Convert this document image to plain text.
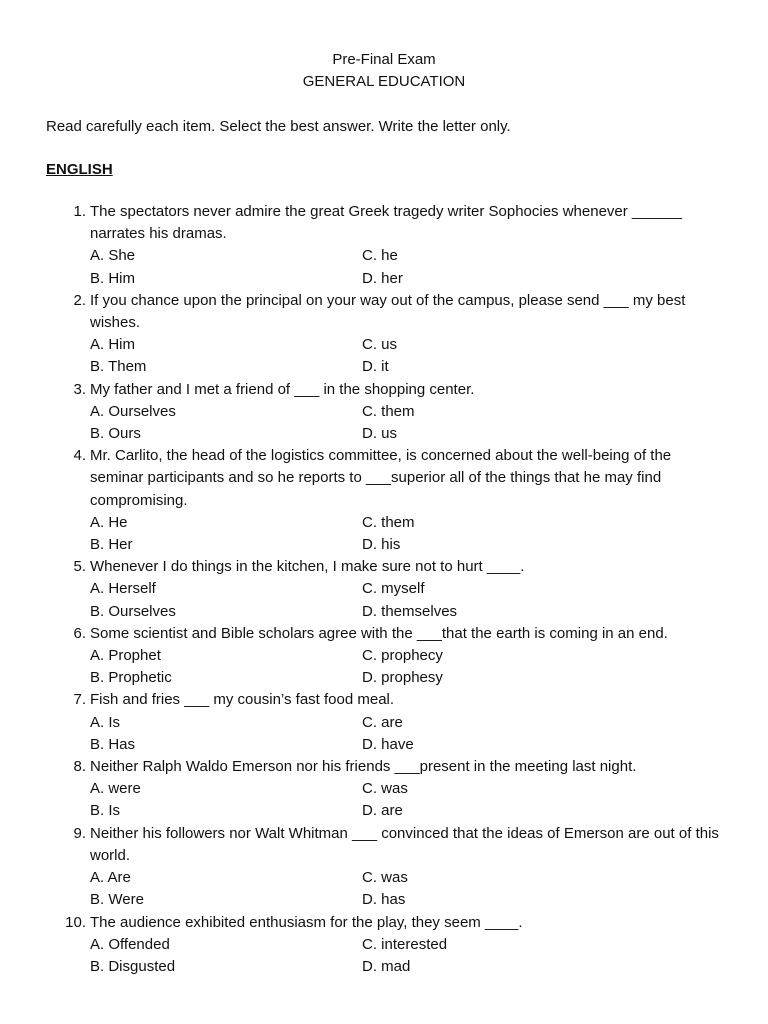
Pre-Final Exam
GENERAL EDUCATION
Read carefully each item. Select the best answer. Write the letter only.
ENGLISH
1. The spectators never admire the great Greek tragedy writer Sophocies whenever ______ narrates his dramas.
A. She	C. he
B. Him	D. her
2. If you chance upon the principal on your way out of the campus, please send ___ my best wishes.
A. Him	C. us
B. Them	D. it
3. My father and I met a friend of ___ in the shopping center.
A. Ourselves	C. them
B. Ours	D. us
4. Mr. Carlito, the head of the logistics committee, is concerned about the well-being of the seminar participants and so he reports to ___superior all of the things that he may find compromising.
A. He	C. them
B. Her	D. his
5. Whenever I do things in the kitchen, I make sure not to hurt ____.
A. Herself	C. myself
B. Ourselves	D. themselves
6. Some scientist and Bible scholars agree with the ___that the earth is coming in an end.
A. Prophet	C. prophecy
B. Prophetic	D. prophesy
7. Fish and fries ___ my cousin’s fast food meal.
A. Is	C. are
B. Has	D. have
8. Neither Ralph Waldo Emerson nor his friends ___present in the meeting last night.
A. were	C. was
B. Is	D. are
9. Neither his followers nor Walt Whitman ___ convinced that the ideas of Emerson are out of this world.
A. Are	C. was
B. Were	D. has
10. The audience exhibited enthusiasm for the play, they seem ____.
A. Offended	C. interested
B. Disgusted	D. mad
